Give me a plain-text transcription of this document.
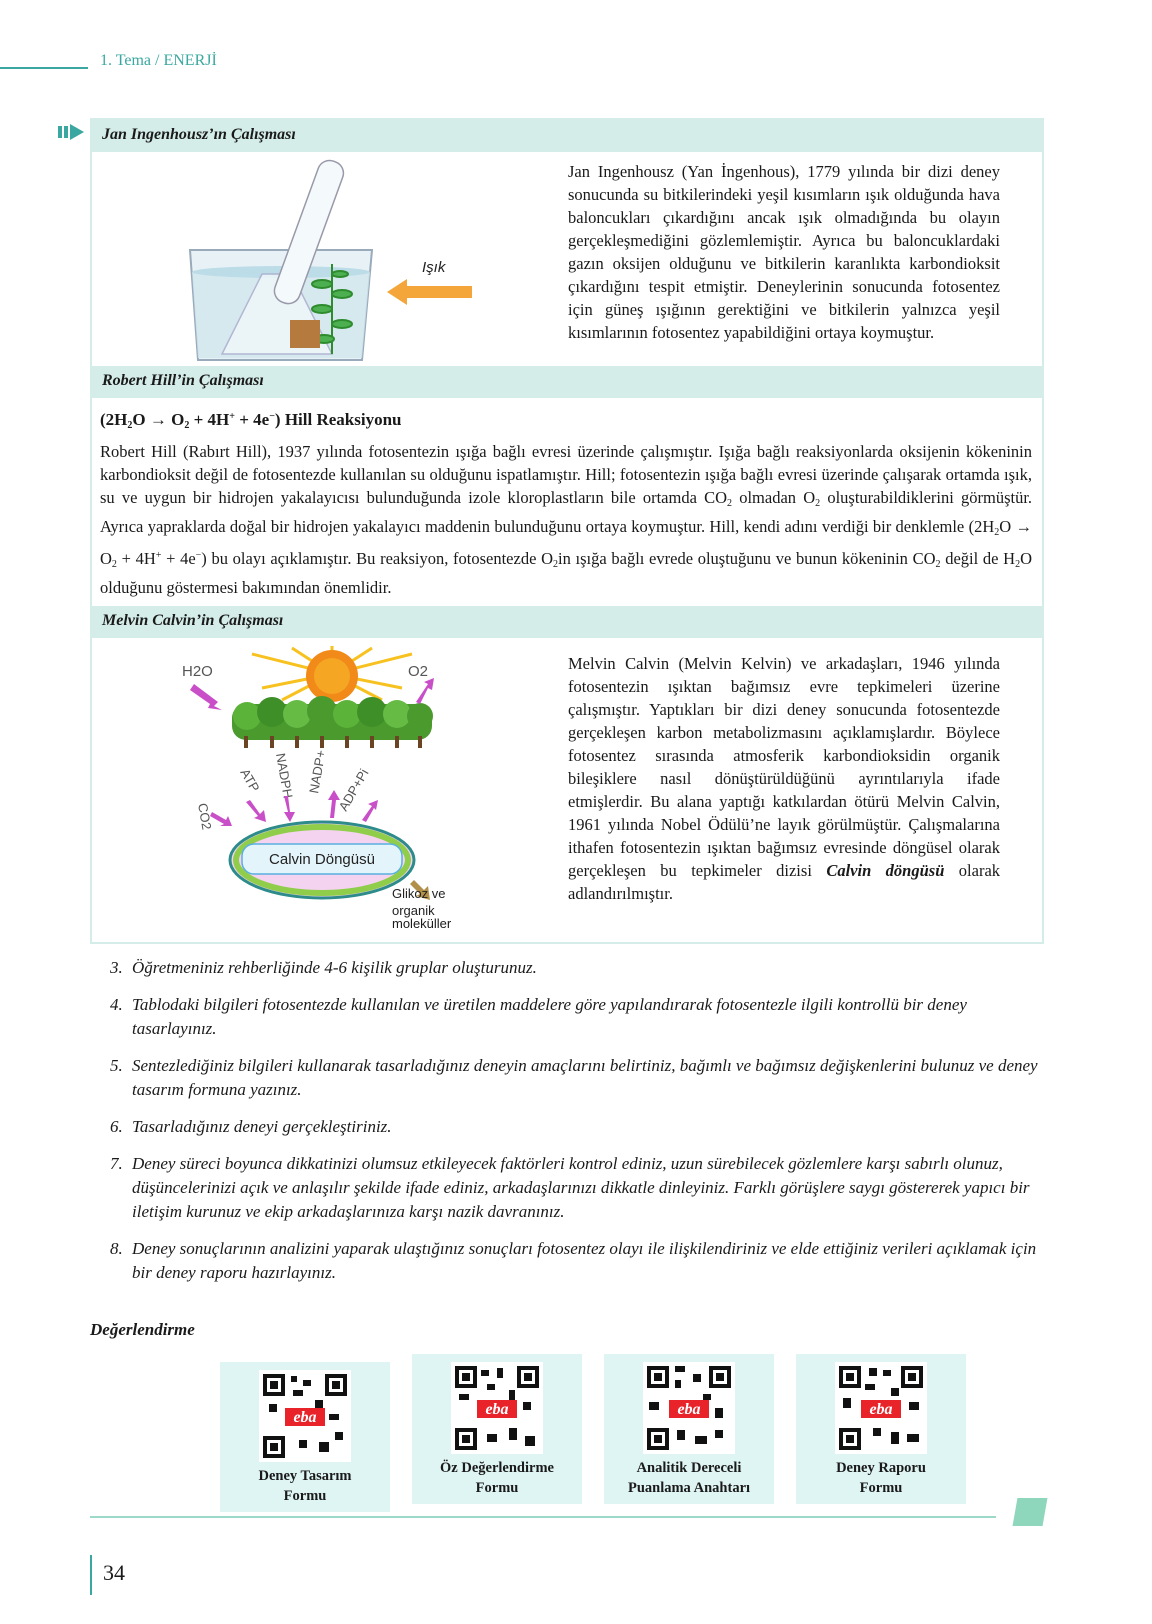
1. Tema / ENERJİ
Jan Ingenhousz’ın Çalışması
Işık
Jan Ingenhousz (Yan İngenhous), 1779 yılında bir dizi deney sonucunda su bitkilerindeki yeşil kısımların ışık olduğunda hava baloncukları çıkardığını ancak ışık olmadığında bu olayın gerçekleşmediğini gözlemlemiştir. Ayrıca bu baloncuklardaki gazın oksijen olduğunu ve bitkilerin karanlıkta karbondioksit çıkardığını tespit etmiştir. Deneylerinin sonucunda fotosentez için güneş ışığının gerektiğini ve bitkilerin yalnızca yeşil kısımlarının fotosentez yapabildiğini ortaya koymuştur.
Robert Hill’in Çalışması
$(2H_2O \to O_2 + 4H^+ + 4e^-)$ Hill Reaksiyonu
Robert Hill (Rabırt Hill), 1937 yılında fotosentezin ışığa bağlı evresi üzerinde çalışmıştır. Işığa bağlı reaksiyonlarda oksijenin kökeninin karbondioksit değil de fotosentezde kullanılan su olduğunu ispatlamıştır. Hill; fotosentezin ışığa bağlı evresi üzerinde çalışarak ortamda ışık, su ve uygun bir hidrojen yakalayıcısı bulunduğunda izole kloroplastların bile ortamda $CO_2$ olmadan $O_2$ oluşturabildiklerini görmüştür. Ayrıca yapraklarda doğal bir hidrojen yakalayıcı maddenin bulunduğunu ortaya koymuştur. Hill, kendi adını verdiği bir denklemle $(2H_2O \to O_2 + 4H^+ + 4e^-)$ bu olayı açıklamıştır. Bu reaksiyon, fotosentezde $O_2in$ ışığa bağlı evrede oluştuğunu ve bunun kökeninin $CO_2$ değil de $H_2O$ olduğunu göstermesi bakımından önemlidir.
Melvin Calvin’in Çalışması
H2O	O2
ATP NADPH NADP+ ADP+Pi
CO2
Calvin Döngüsü
Glikoz ve
organik
moleküller
Melvin Calvin (Melvin Kelvin) ve arkadaşları, 1946 yılında fotosentezin ışıktan bağımsız evre tepkimeleri üzerine çalışmıştır. Yaptıkları bir dizi deney sonucunda fotosentezde gerçekleşen karbon metabolizmasını açıklamışlardır. Böylece fotosentez sırasında atmosferik karbondioksidin organik bileşiklere nasıl dönüştürüldüğünü ayrıntılarıyla ifade etmişlerdir. Bu alana yaptığı katkılardan ötürü Melvin Calvin, 1961 yılında Nobel Ödülü’ne layık görülmüştür. Çalışmalarına ithafen fotosentezin ışıktan bağımsız evresinde döngüsel olarak gerçekleşen bu tepkimeler dizisi Calvin döngüsü olarak adlandırılmıştır.
3. Öğretmeniniz rehberliğinde 4-6 kişilik gruplar oluşturunuz.
4. Tablodaki bilgileri fotosentezde kullanılan ve üretilen maddelere göre yapılandırarak fotosentezle ilgili kontrollü bir deney tasarlayınız.
5. Sentezlediğiniz bilgileri kullanarak tasarladığınız deneyin amaçlarını belirtiniz, bağımlı ve bağımsız değişkenlerini bulunuz ve deney tasarım formuna yazınız.
6. Tasarladığınız deneyi gerçekleştiriniz.
7. Deney süreci boyunca dikkatinizi olumsuz etkileyecek faktörleri kontrol ediniz, uzun sürebilecek gözlemlere karşı sabırlı olunuz, düşüncelerinizi açık ve anlaşılır şekilde ifade ediniz, arkadaşlarınızı dikkatle dinleyiniz. Farklı görüşlere saygı göstererek yapıcı bir iletişim kurunuz ve ekip arkadaşlarınıza karşı nazik davranınız.
8. Deney sonuçlarının analizini yaparak ulaştığınız sonuçları fotosentez olayı ile ilişkilendiriniz ve elde ettiğiniz verileri açıklamak için bir deney raporu hazırlayınız.
Değerlendirme
eba
Deney Tasarım
Formu
eba
Öz Değerlendirme
Formu
eba
Analitik Dereceli
Puanlama Anahtarı
eba
Deney Raporu
Formu
34
